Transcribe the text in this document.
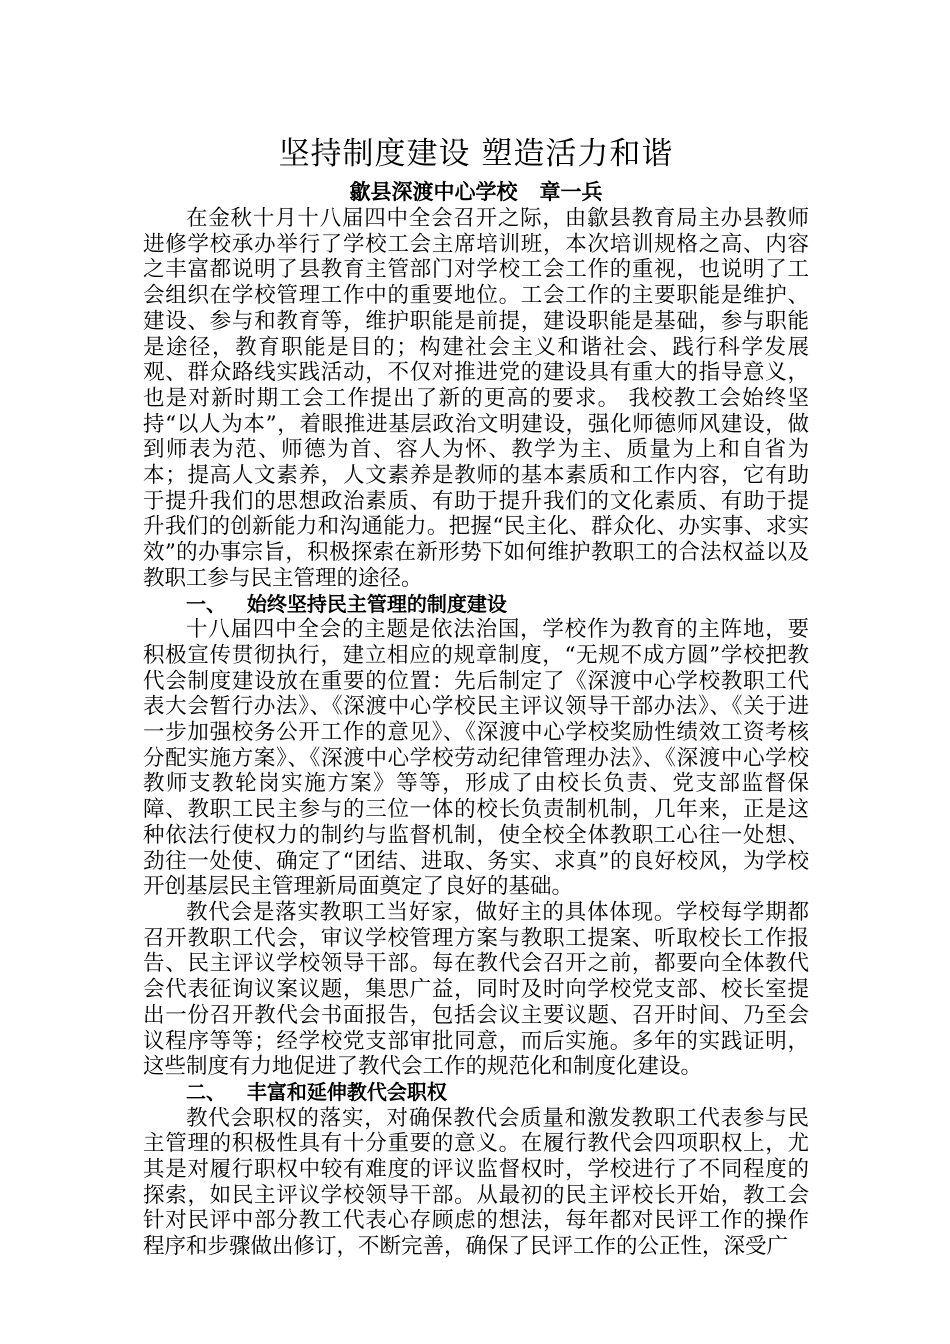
坚持制度建设 塑造活力和谐
歙县深渡中心学校   章一兵

在金秋十月十八届四中全会召开之际，由歙县教育局主办县教师进修学校承办举行了学校工会主席培训班，本次培训规格之高、内容之丰富都说明了县教育主管部门对学校工会工作的重视，也说明了工会组织在学校管理工作中的重要地位。工会工作的主要职能是维护、建设、参与和教育等，维护职能是前提，建设职能是基础，参与职能是途径，教育职能是目的；构建社会主义和谐社会、践行科学发展观、群众路线实践活动，不仅对推进党的建设具有重大的指导意义，也是对新时期工会工作提出了新的更高的要求。 我校教工会始终坚持“以人为本”，着眼推进基层政治文明建设，强化师德师风建设，做到师表为范、师德为首、容人为怀、教学为主、质量为上和自省为本；提高人文素养，人文素养是教师的基本素质和工作内容，它有助于提升我们的思想政治素质、有助于提升我们的文化素质、有助于提升我们的创新能力和沟通能力。把握“民主化、群众化、办实事、求实效”的办事宗旨，积极探索在新形势下如何维护教职工的合法权益以及教职工参与民主管理的途径。

一、   始终坚持民主管理的制度建设

十八届四中全会的主题是依法治国，学校作为教育的主阵地，要积极宣传贯彻执行，建立相应的规章制度，“无规不成方圆”学校把教代会制度建设放在重要的位置：先后制定了《深渡中心学校教职工代表大会暂行办法》、《深渡中心学校民主评议领导干部办法》、《关于进一步加强校务公开工作的意见》、《深渡中心学校奖励性绩效工资考核分配实施方案》、《深渡中心学校劳动纪律管理办法》、《深渡中心学校教师支教轮岗实施方案》等等，形成了由校长负责、党支部监督保障、教职工民主参与的三位一体的校长负责制机制，几年来，正是这种依法行使权力的制约与监督机制，使全校全体教职工心往一处想、劲往一处使、确定了“团结、进取、务实、求真”的良好校风，为学校开创基层民主管理新局面奠定了良好的基础。

教代会是落实教职工当好家，做好主的具体体现。学校每学期都召开教职工代会，审议学校管理方案与教职工提案、听取校长工作报告、民主评议学校领导干部。每在教代会召开之前，都要向全体教代会代表征询议案议题，集思广益，同时及时向学校党支部、校长室提出一份召开教代会书面报告，包括会议主要议题、召开时间、乃至会议程序等等；经学校党支部审批同意，而后实施。多年的实践证明，这些制度有力地促进了教代会工作的规范化和制度化建设。

二、   丰富和延伸教代会职权

教代会职权的落实，对确保教代会质量和激发教职工代表参与民主管理的积极性具有十分重要的意义。在履行教代会四项职权上，尤其是对履行职权中较有难度的评议监督权时，学校进行了不同程度的探索，如民主评议学校领导干部。从最初的民主评校长开始，教工会针对民评中部分教工代表心存顾虑的想法，每年都对民评工作的操作程序和步骤做出修订，不断完善，确保了民评工作的公正性，深受广
